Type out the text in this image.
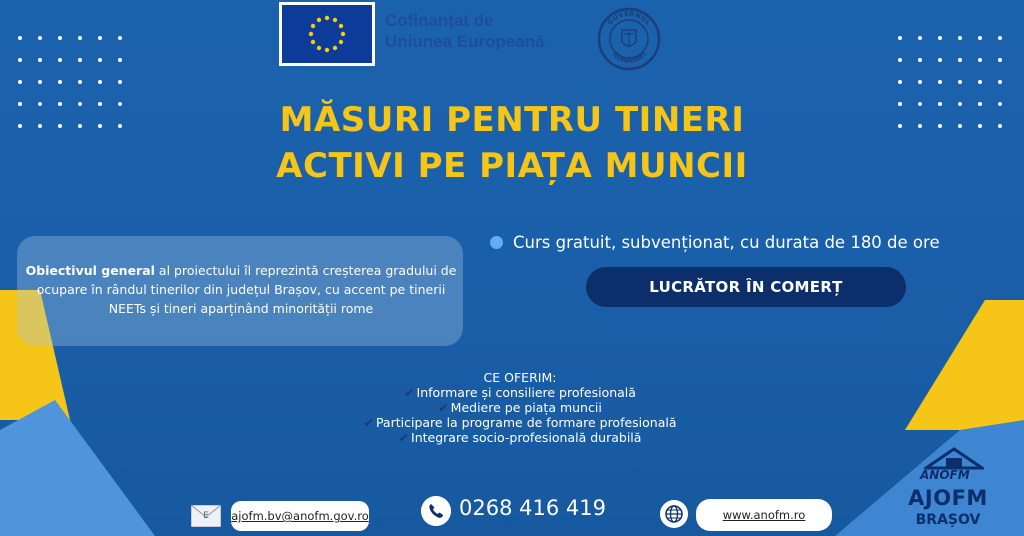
Cofinanțat de
Uniunea Europeană
GUVERNUL
ROMÂNIEI
MĂSURI PENTRU TINERI
ACTIVI PE PIAȚA MUNCII

Obiectivul general al proiectului îl reprezintă creșterea gradului de ocupare în rândul tinerilor din județul Brașov, cu accent pe tinerii NEETs și tineri aparținând minorității rome

Curs gratuit, subvenționat, cu durata de 180 de ore
LUCRĂTOR ÎN COMERȚ
CE OFERIM:
✔ Informare și consiliere profesională
✔ Mediere pe piața muncii
✔ Participare la programe de formare profesională
✔ Integrare socio-profesională durabilă
E ajofm.bv@anofm.gov.ro	0268 416 419	www.anofm.ro
ANOFM
AJOFM
BRAȘOV
